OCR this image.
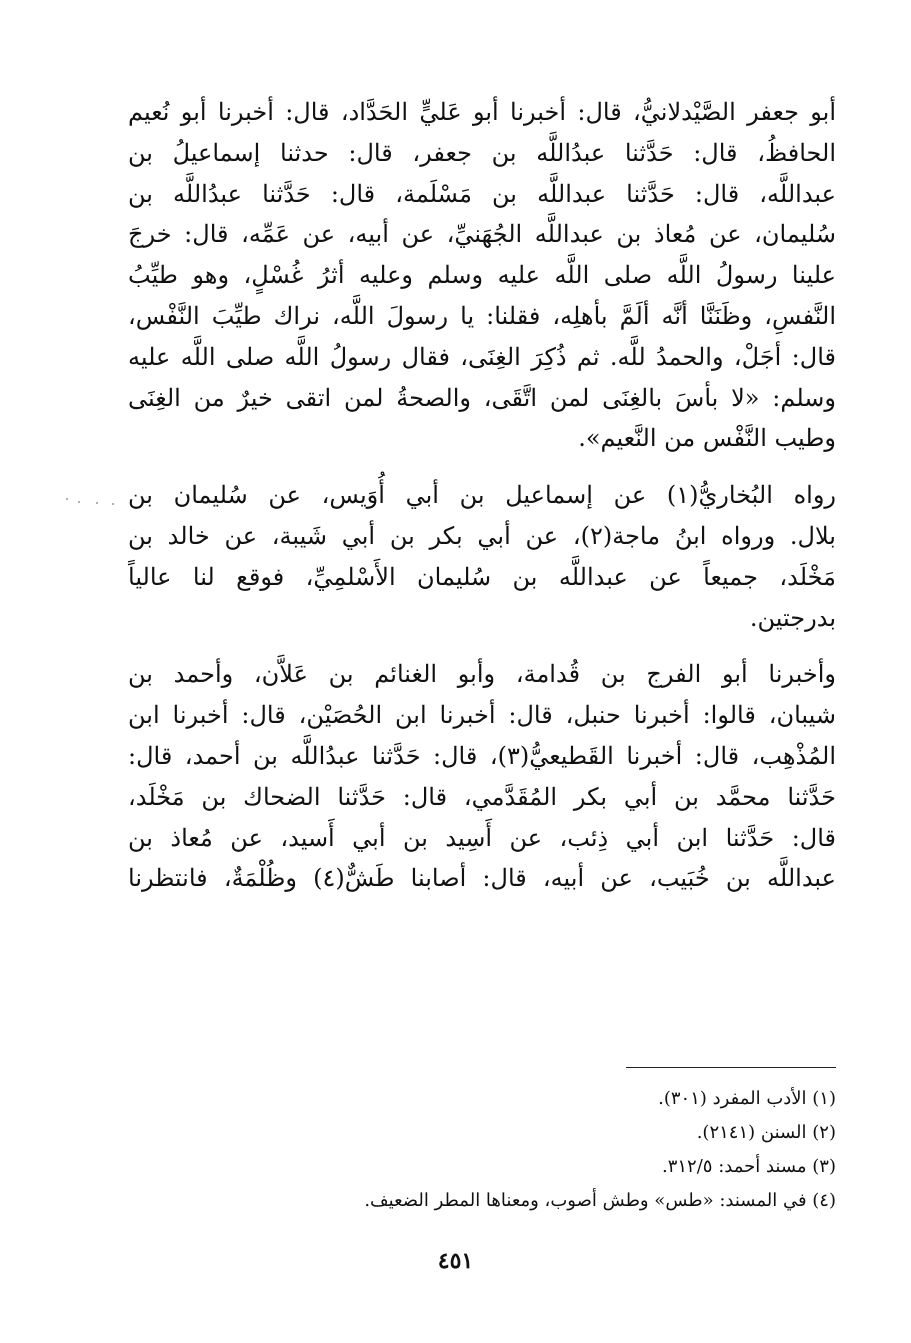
أبو جعفر الصَّيْدلانيُّ، قال: أخبرنا أبو عَليٍّ الحَدَّاد، قال: أخبرنا أبو نُعيم
الحافظُ، قال: حَدَّثنا عبدُاللَّه بن جعفر، قال: حدثنا إسماعيلُ بن
عبداللَّه، قال: حَدَّثنا عبداللَّه بن مَسْلَمة، قال: حَدَّثنا عبدُاللَّه بن
سُليمان، عن مُعاذ بن عبداللَّه الجُهَنيِّ، عن أبيه، عن عَمِّه، قال: خرجَ
علينا رسولُ اللَّه صلى اللَّه عليه وسلم وعليه أثرُ غُسْلٍ، وهو طيِّبُ
النَّفسِ، وظَنَنَّا أنَّه ألَمَّ بأهلِه، فقلنا: يا رسولَ اللَّه، نراك طيِّبَ النَّفْس،
قال: أجَلْ، والحمدُ للَّه. ثم ذُكِرَ الغِنَى، فقال رسولُ اللَّه صلى اللَّه عليه
وسلم: «لا بأسَ بالغِنَى لمن اتَّقَى، والصحةُ لمن اتقى خيرٌ من الغِنَى
وطيب النَّفْس من النَّعيم».

رواه البُخاريُّ(١) عن إسماعيل بن أبي أُوَيس، عن سُليمان بن
بلال. ورواه ابنُ ماجة(٢)، عن أبي بكر بن أبي شَيبة، عن خالد بن
مَخْلَد، جميعاً عن عبداللَّه بن سُليمان الأَسْلمِيِّ، فوقع لنا عالياً
بدرجتين.

وأخبرنا أبو الفرج بن قُدامة، وأبو الغنائم بن عَلاَّن، وأحمد بن
شيبان، قالوا: أخبرنا حنبل، قال: أخبرنا ابن الحُصَيْن، قال: أخبرنا ابن
المُذْهِب، قال: أخبرنا القَطيعيُّ(٣)، قال: حَدَّثنا عبدُاللَّه بن أحمد، قال:
حَدَّثنا محمَّد بن أبي بكر المُقَدَّمي، قال: حَدَّثنا الضحاك بن مَخْلَد،
قال: حَدَّثنا ابن أبي ذِئب، عن أَسِيد بن أبي أَسيد، عن مُعاذ بن
عبداللَّه بن خُبَيب، عن أبيه، قال: أصابنا طَشٌّ(٤) وظُلْمَةٌ، فانتظرنا

(١) الأدب المفرد (٣٠١).
(٢) السنن (٢١٤١).
(٣) مسند أحمد: ٣١٢/٥.
(٤) في المسند: «طس» وطش أصوب، ومعناها المطر الضعيف.
٤٥١
